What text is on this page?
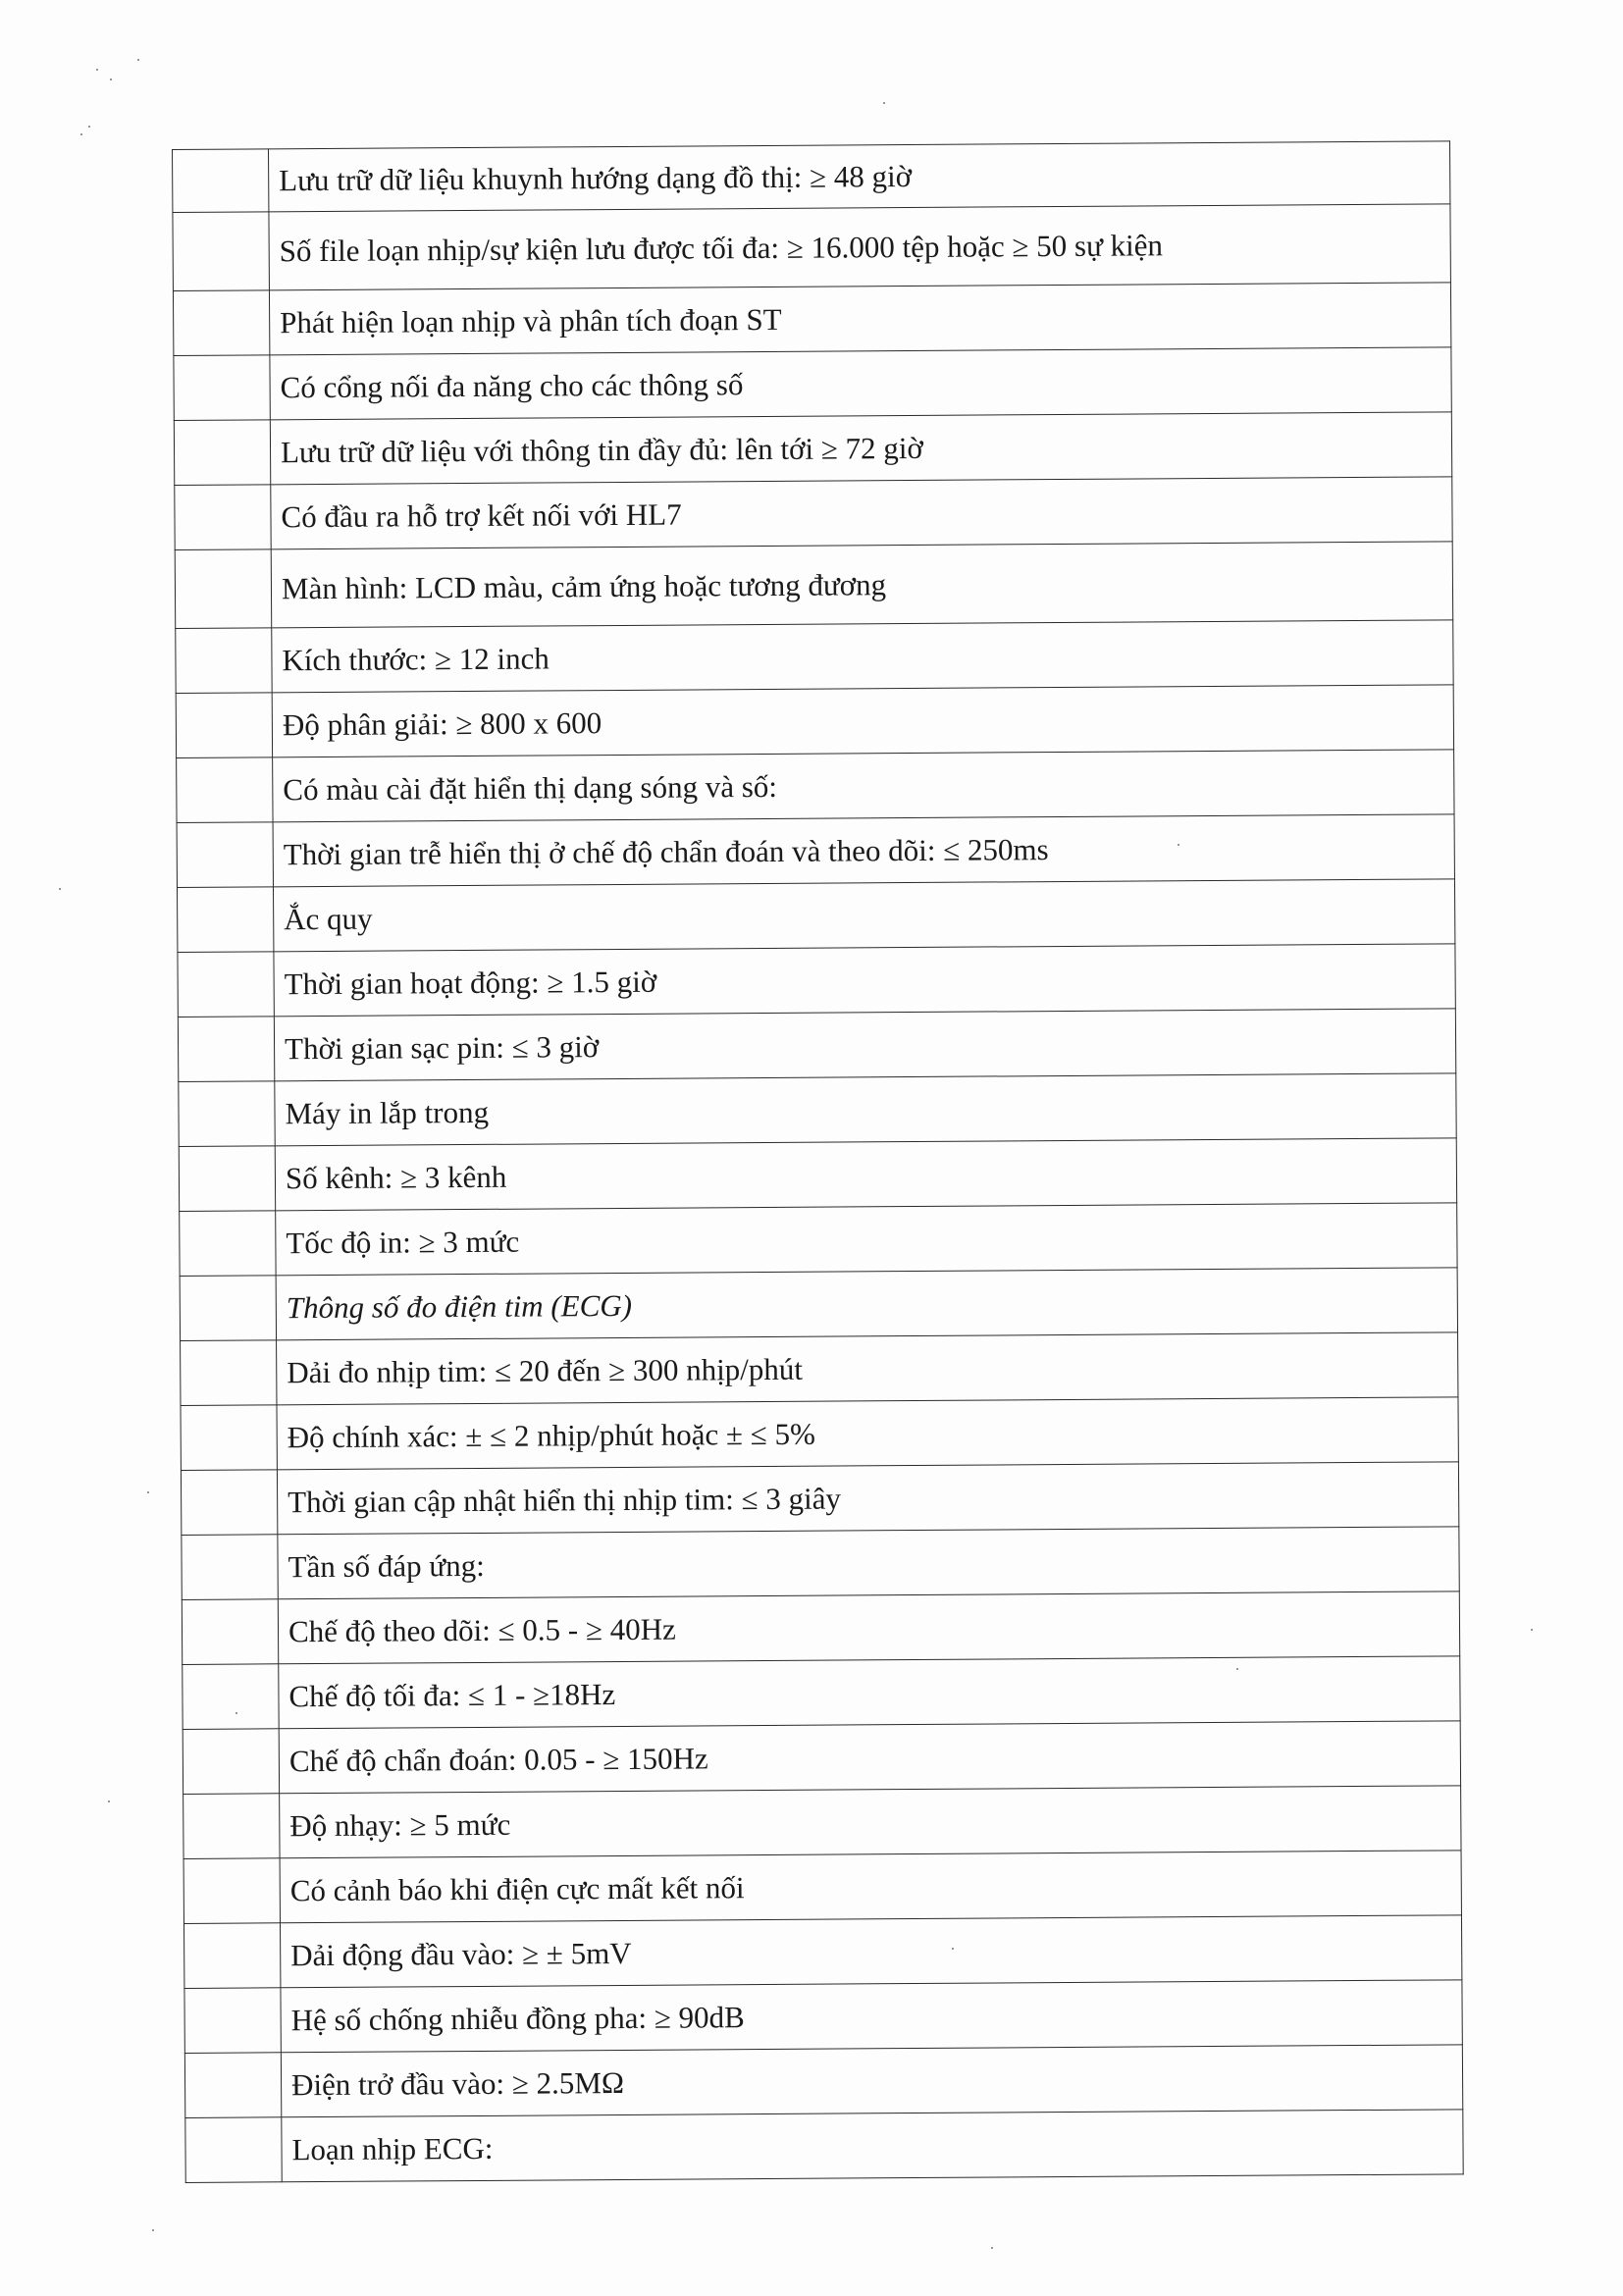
	Lưu trữ dữ liệu khuynh hướng dạng đồ thị: ≥ 48 giờ
	Số file loạn nhịp/sự kiện lưu được tối đa: ≥ 16.000 tệp hoặc ≥ 50 sự kiện
	Phát hiện loạn nhịp và phân tích đoạn ST
	Có cổng nối đa năng cho các thông số
	Lưu trữ dữ liệu với thông tin đầy đủ: lên tới ≥ 72 giờ
	Có đầu ra hỗ trợ kết nối với HL7
	Màn hình: LCD màu, cảm ứng hoặc tương đương
	Kích thước: ≥ 12 inch
	Độ phân giải: ≥ 800 x 600
	Có màu cài đặt hiển thị dạng sóng và số:
	Thời gian trễ hiển thị ở chế độ chẩn đoán và theo dõi: ≤ 250ms
	Ắc quy
	Thời gian hoạt động: ≥ 1.5 giờ
	Thời gian sạc pin: ≤ 3 giờ
	Máy in lắp trong
	Số kênh: ≥ 3 kênh
	Tốc độ in: ≥ 3 mức
	Thông số đo điện tim (ECG)
	Dải đo nhịp tim: ≤ 20 đến ≥ 300 nhịp/phút
	Độ chính xác: ± ≤ 2 nhịp/phút hoặc ± ≤ 5%
	Thời gian cập nhật hiển thị nhịp tim: ≤ 3 giây
	Tần số đáp ứng:
	Chế độ theo dõi: ≤ 0.5 - ≥ 40Hz
	Chế độ tối đa: ≤ 1 - ≥18Hz
	Chế độ chẩn đoán: 0.05 - ≥ 150Hz
	Độ nhạy: ≥ 5 mức
	Có cảnh báo khi điện cực mất kết nối
	Dải động đầu vào: ≥ ± 5mV
	Hệ số chống nhiễu đồng pha: ≥ 90dB
	Điện trở đầu vào: ≥ 2.5MΩ
	Loạn nhịp ECG:
